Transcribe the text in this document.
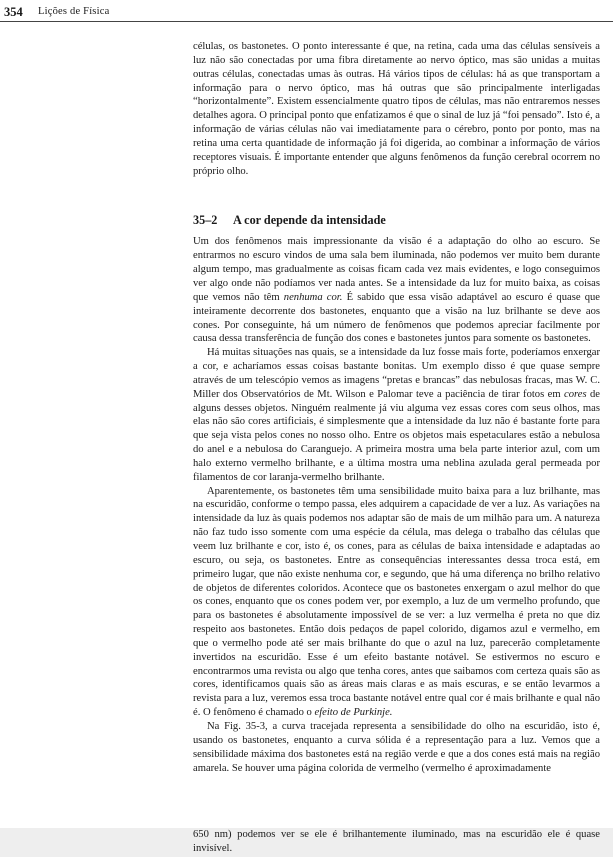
354 Lições de Física

células, os bastonetes. O ponto interessante é que, na retina, cada uma das células sensíveis a luz não são conectadas por uma fibra diretamente ao nervo óptico, mas são unidas a muitas outras células, conectadas umas às outras. Há vários tipos de células: há as que transportam a informação para o nervo óptico, mas há outras que são principalmente interligadas “horizontalmente”. Existem essencialmente quatro tipos de células, mas não entraremos nesses detalhes agora. O principal ponto que enfatizamos é que o sinal de luz já “foi pensado”. Isto é, a informação de várias células não vai imediatamente para o cérebro, ponto por ponto, mas na retina uma certa quantidade de informação já foi digerida, ao combinar a informação de vários receptores visuais. É importante entender que alguns fenômenos da função cerebral ocorrem no próprio olho.

35–2 A cor depende da intensidade

Um dos fenômenos mais impressionante da visão é a adaptação do olho ao escuro. Se entrarmos no escuro vindos de uma sala bem iluminada, não podemos ver muito bem durante algum tempo, mas gradualmente as coisas ficam cada vez mais evidentes, e logo conseguimos ver algo onde não podíamos ver nada antes. Se a intensidade da luz for muito baixa, as coisas que vemos não têm nenhuma cor. É sabido que essa visão adaptável ao escuro é quase que inteiramente decorrente dos bastonetes, enquanto que a visão na luz brilhante se deve aos cones. Por conseguinte, há um número de fenômenos que podemos apreciar facilmente por causa dessa transferência de função dos cones e bastonetes juntos para somente os bastonetes.

Há muitas situações nas quais, se a intensidade da luz fosse mais forte, poderíamos enxergar a cor, e acharíamos essas coisas bastante bonitas. Um exemplo disso é que quase sempre através de um telescópio vemos as imagens “pretas e brancas” das nebulosas fracas, mas W. C. Miller dos Observatórios de Mt. Wilson e Palomar teve a paciência de tirar fotos em cores de alguns desses objetos. Ninguém realmente já viu alguma vez essas cores com seus olhos, mas elas não são cores artificiais, é simplesmente que a intensidade da luz não é bastante forte para que seja vista pelos cones no nosso olho. Entre os objetos mais espetaculares estão a nebulosa do anel e a nebulosa do Caranguejo. A primeira mostra uma bela parte interior azul, com um halo externo vermelho brilhante, e a última mostra uma neblina azulada geral permeada por filamentos de cor laranja-vermelho brilhante.

Aparentemente, os bastonetes têm uma sensibilidade muito baixa para a luz brilhante, mas na escuridão, conforme o tempo passa, eles adquirem a capacidade de ver a luz. As variações na intensidade da luz às quais podemos nos adaptar são de mais de um milhão para um. A natureza não faz tudo isso somente com uma espécie da célula, mas delega o trabalho das células que veem luz brilhante e cor, isto é, os cones, para as células de baixa intensidade e adaptadas ao escuro, ou seja, os bastonetes. Entre as consequências interessantes dessa troca está, em primeiro lugar, que não existe nenhuma cor, e segundo, que há uma diferença no brilho relativo de objetos de diferentes coloridos. Acontece que os bastonetes enxergam o azul melhor do que os cones, enquanto que os cones podem ver, por exemplo, a luz de um vermelho profundo, que para os bastonetes é absolutamente impossível de se ver: a luz vermelha é preta no que diz respeito aos bastonetes. Então dois pedaços de papel colorido, digamos azul e vermelho, em que o vermelho pode até ser mais brilhante do que o azul na luz, parecerão completamente invertidos na escuridão. Esse é um efeito bastante notável. Se estivermos no escuro e encontrarmos uma revista ou algo que tenha cores, antes que saibamos com certeza quais são as cores, identificamos quais são as áreas mais claras e as mais escuras, e se então levarmos a revista para a luz, veremos essa troca bastante notável entre qual cor é mais brilhante e qual não é. O fenômeno é chamado o efeito de Purkinje.

Na Fig. 35-3, a curva tracejada representa a sensibilidade do olho na escuridão, isto é, usando os bastonetes, enquanto a curva sólida é a representação para a luz. Vemos que a sensibilidade máxima dos bastonetes está na região verde e que a dos cones está mais na região amarela. Se houver uma página colorida de vermelho (vermelho é aproximadamente

650 nm) podemos ver se ele é brilhantemente iluminado, mas na escuridão ele é quase invisível.
